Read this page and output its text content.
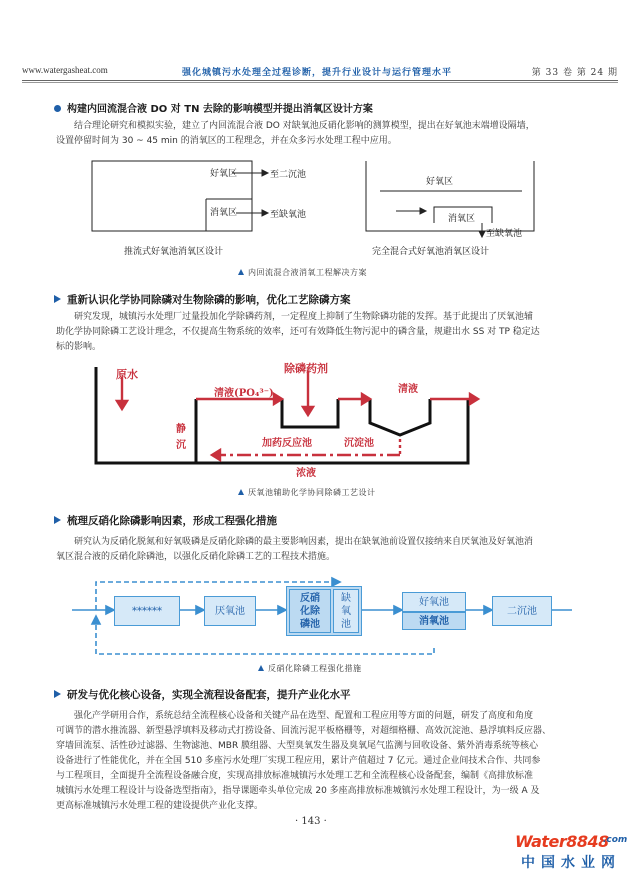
www.watergasheat.com	强化城镇污水处理全过程诊断，提升行业设计与运行管理水平	第 33 卷 第 24 期
构建内回流混合液 DO 对 TN 去除的影响模型并提出消氧区设计方案
结合理论研究和模拟实验，建立了内回流混合液 DO 对缺氧池反硝化影响的测算模型，提出在好氧池末端增设隔墙，
设置停留时间为 30 ~ 45 min 的消氧区的工程理念，并在众多污水处理工程中应用。
好氧区	至二沉池
消氧区	至缺氧池
推流式好氧池消氧区设计
好氧区
消氧区
至缺氧池
完全混合式好氧池消氧区设计
内回流混合液消氧工程解决方案
重新认识化学协同除磷对生物除磷的影响，优化工艺除磷方案
研究发现，城镇污水处理厂过量投加化学除磷药剂，一定程度上抑制了生物除磷功能的发挥。基于此提出了厌氧池辅
助化学协同除磷工艺设计理念，不仅提高生物系统的效率，还可有效降低生物污泥中的磷含量，规避出水 SS 对 TP 稳定达
标的影响。
原水	除磷药剂
清液(PO₄³⁻)	清液
静
沉	加药反应池	沉淀池
浓液
厌氧池辅助化学协同除磷工艺设计
梳理反硝化除磷影响因素，形成工程强化措施
研究认为反硝化脱氮和好氧吸磷是反硝化除磷的最主要影响因素，提出在缺氧池前设置仅接纳来自厌氧池及好氧池消
氧区混合液的反硝化除磷池，以强化反硝化除磷工艺的工程技术措施。
******	厌氧池
反硝
化除
磷池
缺
氧
池
好氧池
消氧池
二沉池
反硝化除磷工程强化措施
研发与优化核心设备，实现全流程设备配套，提升产业化水平
强化产学研用合作，系统总结全流程核心设备和关键产品在选型、配置和工程应用等方面的问题，研发了高度和角度
可调节的潜水推流器、新型悬浮填料及移动式打捞设备、回流污泥平板格栅等，对超细格栅、高效沉淀池、悬浮填料反应器、
穿墙回流泵、活性砂过滤器、生物滤池、MBR 膜组器、大型臭氧发生器及臭氧尾气监测与回收设备、紫外消毒系统等核心
设备进行了性能优化，并在全国 510 多座污水处理厂实现工程应用，累计产值超过 7 亿元。通过企业间技术合作、共同参
与工程项目，全面提升全流程设备融合度，实现高排放标准城镇污水处理工艺和全流程核心设备配套，编制《高排放标准
城镇污水处理工程设计与设备选型指南》，指导课题牵头单位完成 20 多座高排放标准城镇污水处理工程设计，为一级 A 及
更高标准城镇污水处理工程的建设提供产业化支撑。
· 143 ·
Water8848
.com
中国水业网
